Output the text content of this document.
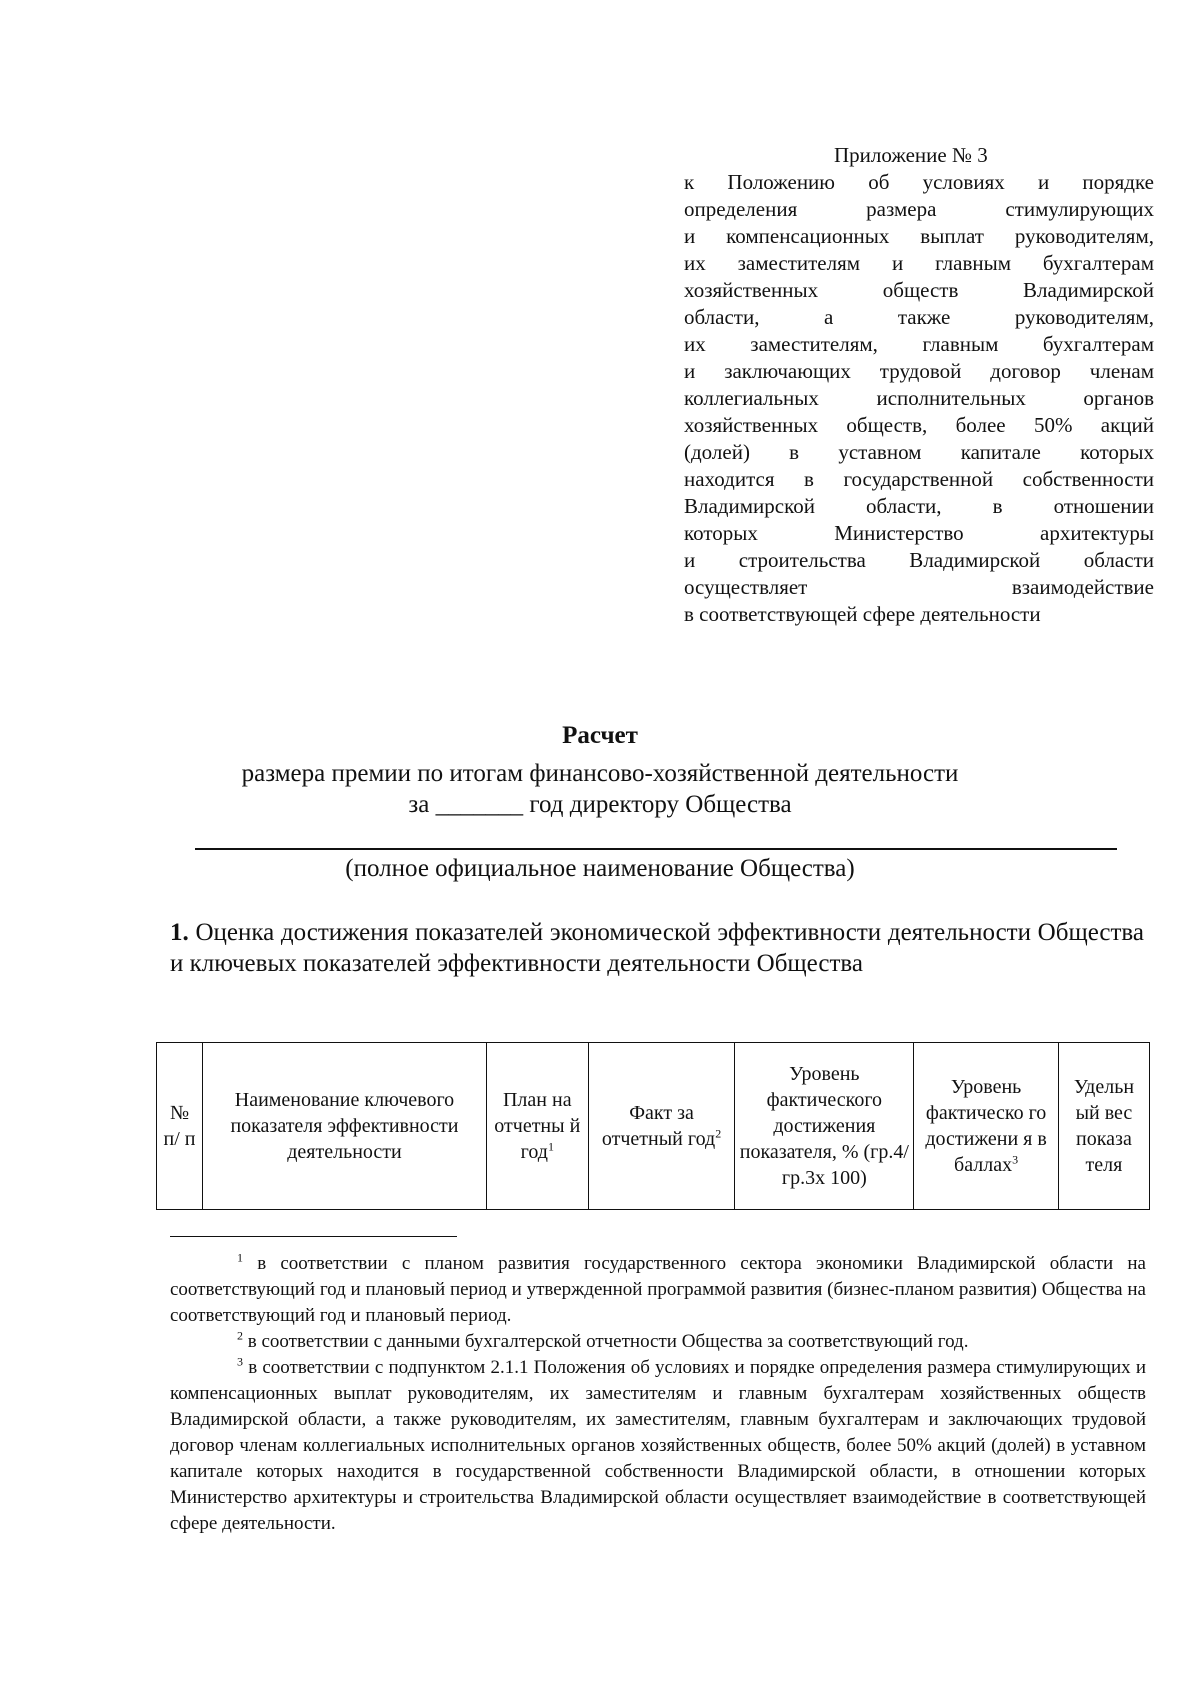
Приложение № 3
к Положению об условиях и порядке
определения размера стимулирующих
и компенсационных выплат руководителям,
их заместителям и главным бухгалтерам
хозяйственных обществ Владимирской
области, а также руководителям,
их заместителям, главным бухгалтерам
и заключающих трудовой договор членам
коллегиальных исполнительных органов
хозяйственных обществ, более 50% акций
(долей) в уставном капитале которых
находится в государственной собственности
Владимирской области, в отношении
которых Министерство архитектуры
и строительства Владимирской области
осуществляет взаимодействие
в соответствующей сфере деятельности
Расчет
размера премии по итогам финансово-хозяйственной деятельности
за _______ год директору Общества
(полное официальное наименование Общества)
1. Оценка достижения показателей экономической эффективности деятельности Общества и ключевых показателей эффективности деятельности Общества
№ п/ п	Наименование ключевого показателя эффективности деятельности	План на отчетны й год$^1$	Факт за отчетный год$^2$	Уровень фактического достижения показателя, % (гр.4/гр.3х 100)	Уровень фактическо го достижени я в баллах$^3$	Удельн ый вес показа теля

$^1$ в соответствии с планом развития государственного сектора экономики Владимирской области на соответствующий год и плановый период и утвержденной программой развития (бизнес-планом развития) Общества на соответствующий год и плановый период.

$^2$ в соответствии с данными бухгалтерской отчетности Общества за соответствующий год.

$^3$ в соответствии с подпунктом 2.1.1 Положения об условиях и порядке определения размера стимулирующих и компенсационных выплат руководителям, их заместителям и главным бухгалтерам хозяйственных обществ Владимирской области, а также руководителям, их заместителям, главным бухгалтерам и заключающих трудовой договор членам коллегиальных исполнительных органов хозяйственных обществ, более 50% акций (долей) в уставном капитале которых находится в государственной собственности Владимирской области, в отношении которых Министерство архитектуры и строительства Владимирской области осуществляет взаимодействие в соответствующей сфере деятельности.
